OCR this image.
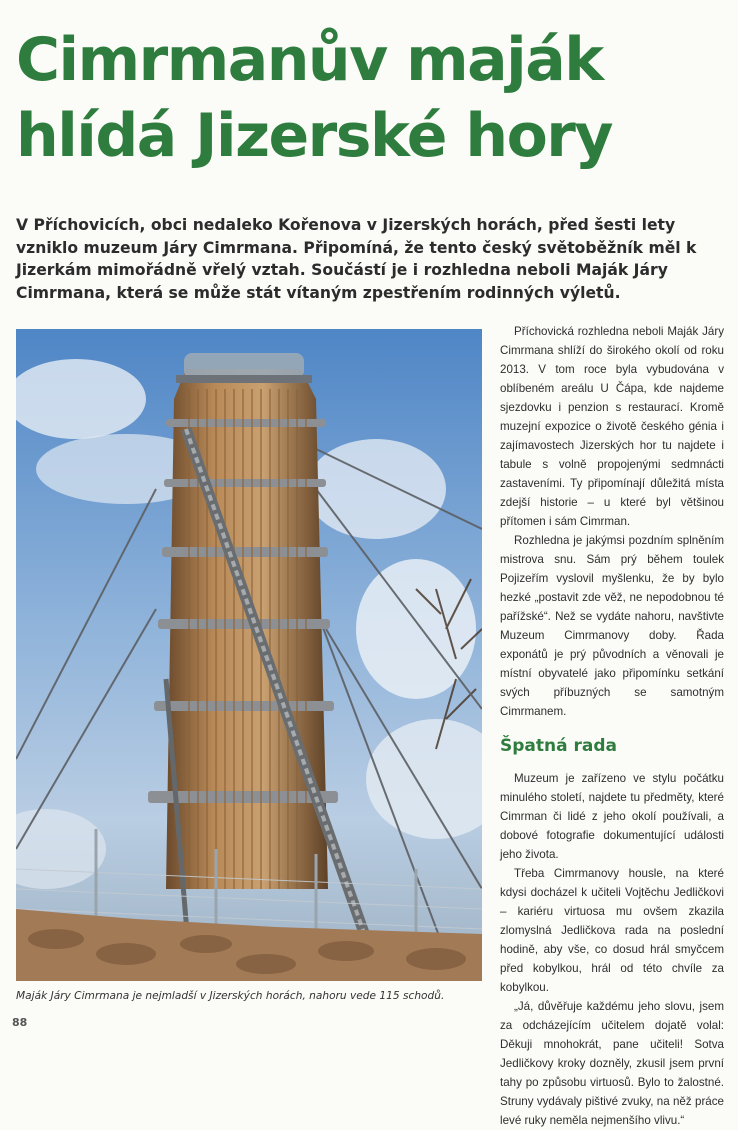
Cimrmanův maják
hlídá Jizerské hory

V Příchovicích, obci nedaleko Kořenova v Jizerských horách, před šesti lety vzniklo muzeum Járy Cimrmana. Připomíná, že tento český světoběžník měl k Jizerkám mimořádně vřelý vztah. Součástí je i rozhledna neboli Maják Járy Cimrmana, která se může stát vítaným zpestřením rodinných výletů.

Maják Járy Cimrmana je nejmladší v Jizerských horách, nahoru vede 115 schodů.

Příchovická rozhledna neboli Maják Járy Cimrmana shlíží do širokého okolí od roku 2013. V tom roce byla vybudována v oblíbeném areálu U Čápa, kde najdeme sjezdovku i penzion s restaurací. Kromě muzejní expozice o životě českého génia i zajímavostech Jizerských hor tu najdete i tabule s volně propojenými sedmnácti zastaveními. Ty připomínají důležitá místa zdejší historie – u které byl většinou přítomen i sám Cimrman.

Rozhledna je jakýmsi pozdním splněním mistrova snu. Sám prý během toulek Pojizeřím vyslovil myšlenku, že by bylo hezké „postavit zde věž, ne nepodobnou té pařížské“. Než se vydáte nahoru, navštivte Muzeum Cimrmanovy doby. Řada exponátů je prý původních a věnovali je místní obyvatelé jako připomínku setkání svých příbuzných se samotným Cimrmanem.

Špatná rada

Muzeum je zařízeno ve stylu počátku minulého století, najdete tu předměty, které Cimrman či lidé z jeho okolí používali, a dobové fotografie dokumentující události jeho života.

Třeba Cimrmanovy housle, na které kdysi docházel k učiteli Vojtěchu Jedličkovi – kariéru virtuosa mu ovšem zkazila zlomyslná Jedličkova rada na poslední hodině, aby vše, co dosud hrál smyčcem před kobylkou, hrál od této chvíle za kobylkou.

„Já, důvěřuje každému jeho slovu, jsem za odcházejícím učitelem dojatě volal: Děkuji mnohokrát, pane učiteli! Sotva Jedličkovy kroky dozněly, zkusil jsem první tahy po způsobu virtuosů. Bylo to žalostné. Struny vydávaly pištivé zvuky, na něž práce levé ruky neměla nejmenšího vlivu.“

88
